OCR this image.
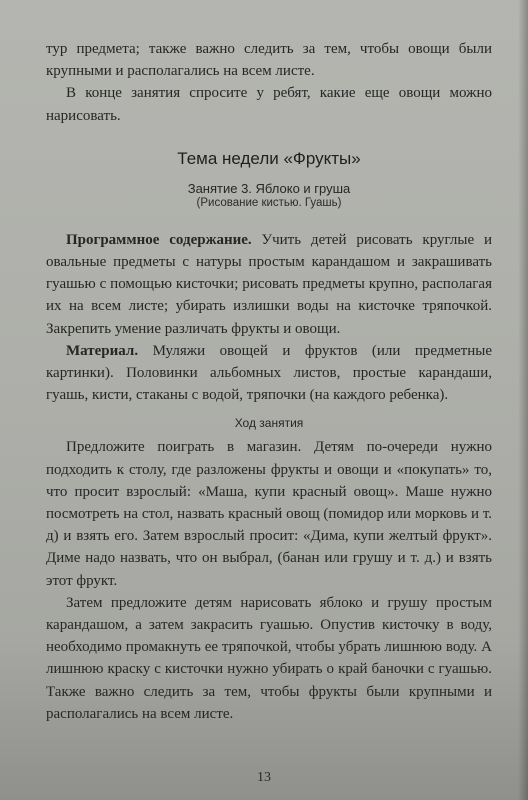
тур предмета; также важно следить за тем, чтобы овощи были крупными и располагались на всем листе.

В конце занятия спросите у ребят, какие еще овощи можно нарисовать.

Тема недели «Фрукты»
Занятие 3. Яблоко и груша
(Рисование кистью. Гуашь)

Программное содержание. Учить детей рисовать круглые и овальные предметы с натуры простым карандашом и закрашивать гуашью с помощью кисточки; рисовать предметы крупно, располагая их на всем листе; убирать излишки воды на кисточке тряпочкой. Закрепить умение различать фрукты и овощи.

Материал. Муляжи овощей и фруктов (или предметные картинки). Половинки альбомных листов, простые карандаши, гуашь, кисти, стаканы с водой, тряпочки (на каждого ребенка).

Ход занятия

Предложите поиграть в магазин. Детям по-очереди нужно подходить к столу, где разложены фрукты и овощи и «покупать» то, что просит взрослый: «Маша, купи красный овощ». Маше нужно посмотреть на стол, назвать красный овощ (помидор или морковь и т. д) и взять его. Затем взрослый просит: «Дима, купи желтый фрукт». Диме надо назвать, что он выбрал, (банан или грушу и т. д.) и взять этот фрукт.

Затем предложите детям нарисовать яблоко и грушу простым карандашом, а затем закрасить гуашью. Опустив кисточку в воду, необходимо промакнуть ее тряпочкой, чтобы убрать лишнюю воду. А лишнюю краску с кисточки нужно убирать о край баночки с гуашью. Также важно следить за тем, чтобы фрукты были крупными и располагались на всем листе.

13
